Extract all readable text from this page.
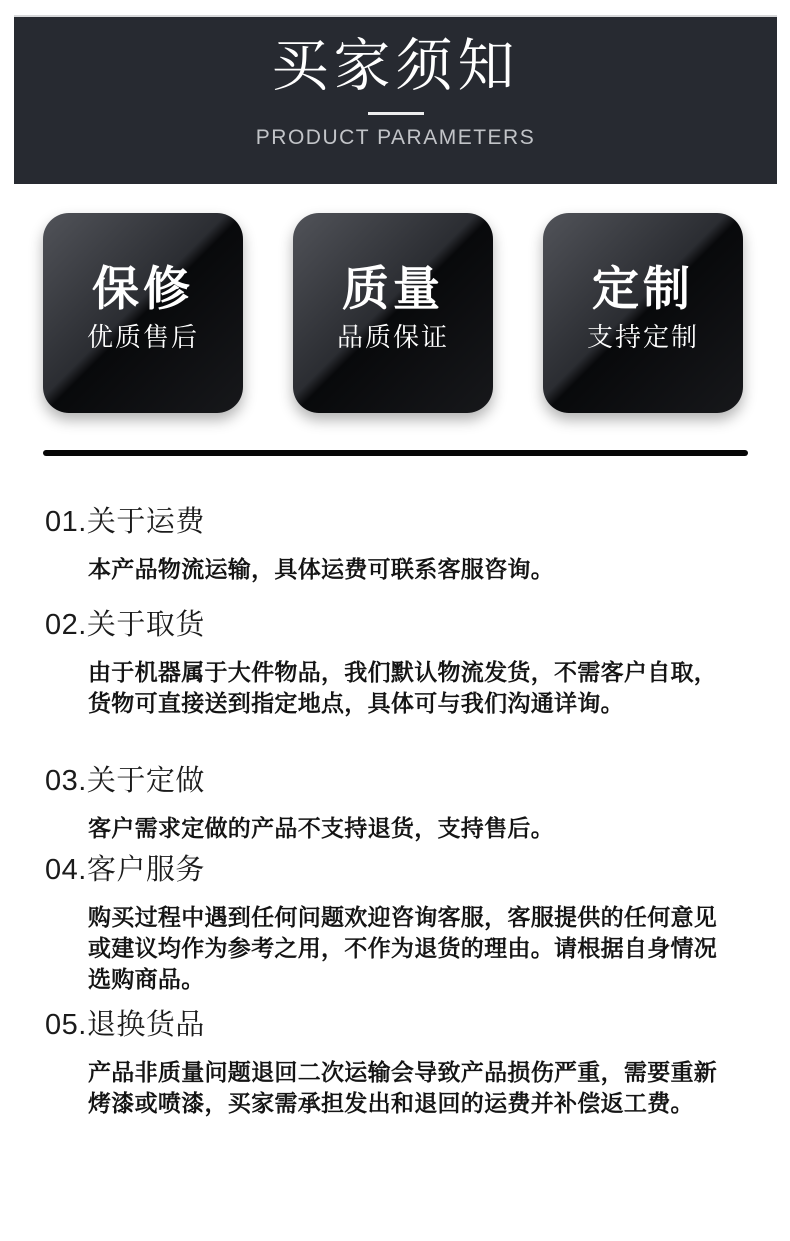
买家须知
PRODUCT PARAMETERS
保修
优质售后
质量
品质保证
定制
支持定制
01.关于运费
本产品物流运输，具体运费可联系客服咨询。
02.关于取货
由于机器属于大件物品，我们默认物流发货，不需客户自取，
货物可直接送到指定地点，具体可与我们沟通详询。
03.关于定做
客户需求定做的产品不支持退货，支持售后。
04.客户服务
购买过程中遇到任何问题欢迎咨询客服，客服提供的任何意见
或建议均作为参考之用，不作为退货的理由。请根据自身情况
选购商品。
05.退换货品
产品非质量问题退回二次运输会导致产品损伤严重，需要重新
烤漆或喷漆，买家需承担发出和退回的运费并补偿返工费。
